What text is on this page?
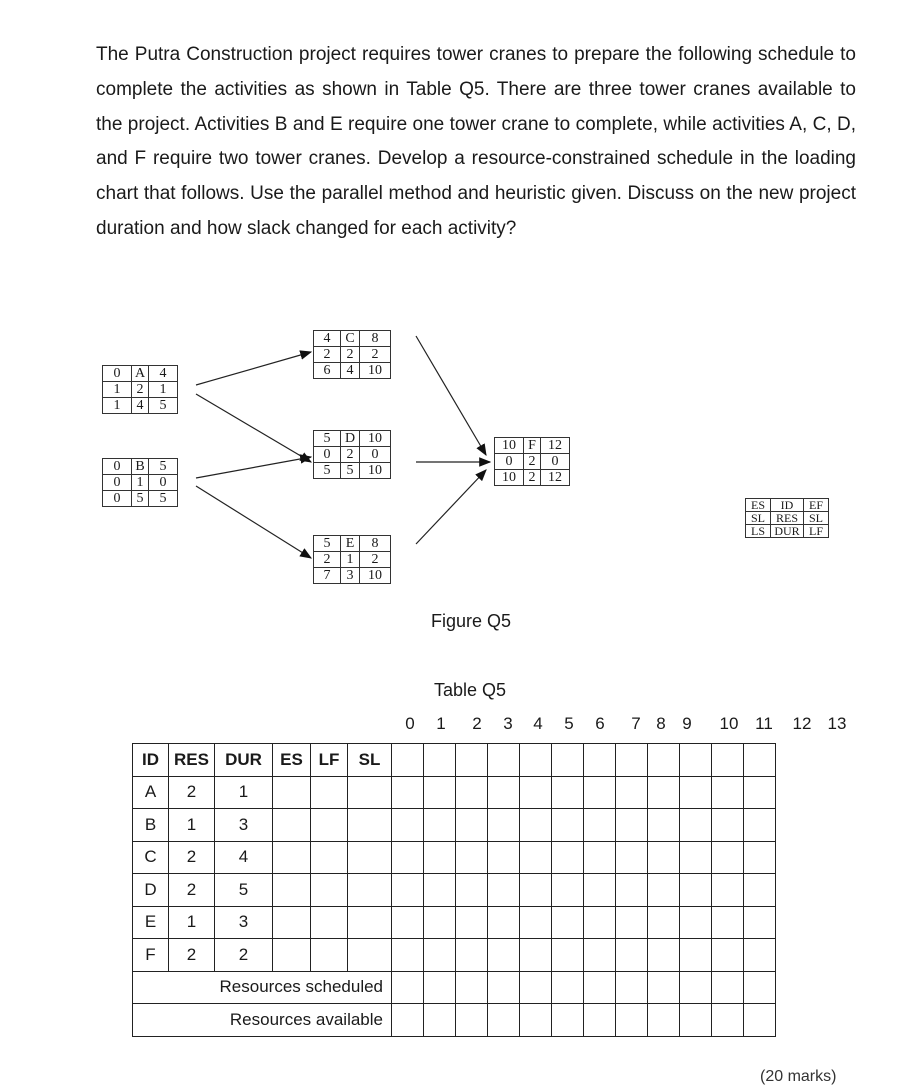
The Putra Construction project requires tower cranes to prepare the following schedule to complete the activities as shown in Table Q5. There are three tower cranes available to the project. Activities B and E require one tower crane to complete, while activities A, C, D, and F require two tower cranes. Develop a resource-constrained schedule in the loading chart that follows. Use the parallel method and heuristic given. Discuss on the new project duration and how slack changed for each activity?
0	A	4
1	2	1
1	4	5
0	B	5
0	1	0
0	5	5
4	C	8
2	2	2
6	4	10
5	D	10
0	2	0
5	5	10
5	E	8
2	1	2
7	3	10
10	F	12
0	2	0
10	2	12
ES	ID	EF
SL	RES	SL
LS	DUR	LF
Figure Q5
Table Q5
0 1 2 3 4 5 6 7 8 9 10 11 12 13
ID	RES	DUR	ES	LF	SL												
A	2	1															
B	1	3															
C	2	4															
D	2	5															
E	1	3															
F	2	2															
Resources scheduled																	
Resources available																	
(20 marks)
